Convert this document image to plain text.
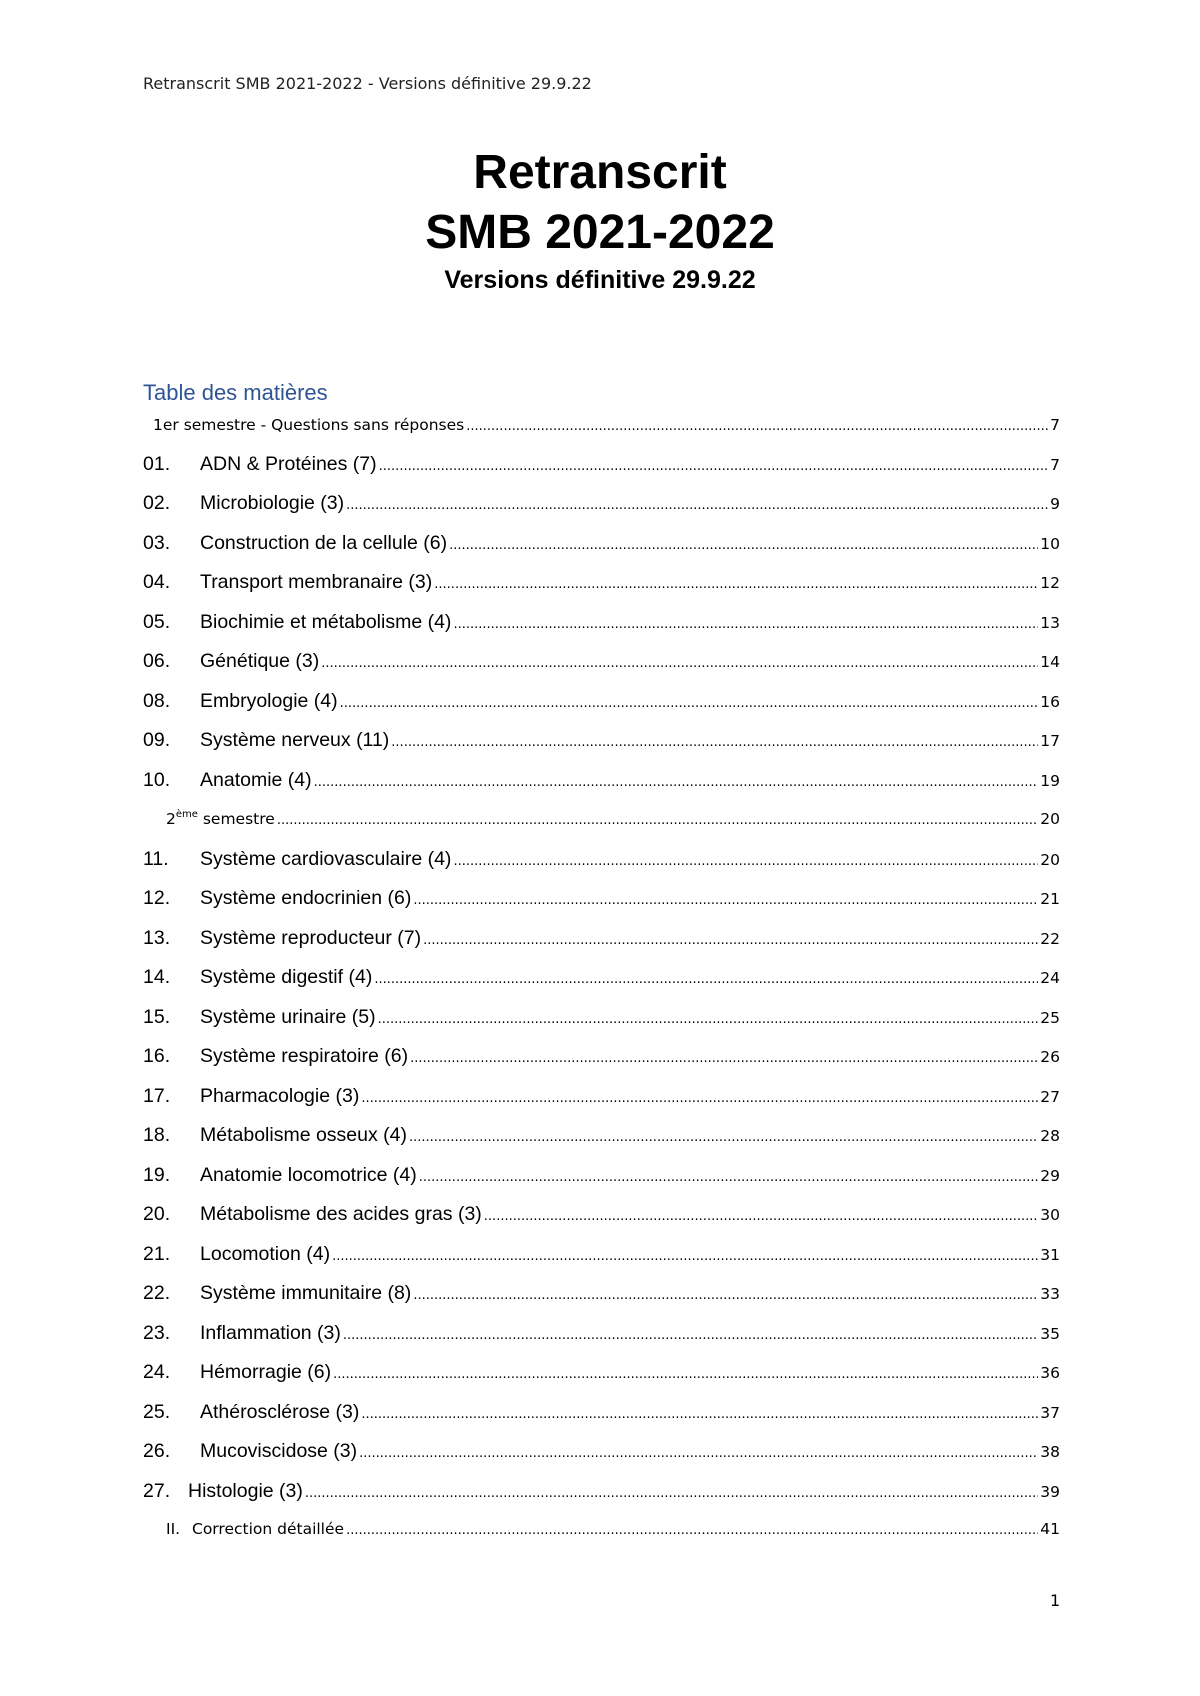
Retranscrit SMB 2021-2022 - Versions définitive 29.9.22
Retranscrit
SMB 2021-2022
Versions définitive 29.9.22
Table des matières
1er semestre - Questions sans réponses .....	7
01.	ADN & Protéines (7) .....	7
02.	Microbiologie (3) .....	9
03.	Construction de la cellule (6) .....	10
04.	Transport membranaire (3) .....	12
05.	Biochimie et métabolisme (4) .....	13
06.	Génétique (3) .....	14
08.	Embryologie (4) .....	16
09.	Système nerveux (11) .....	17
10.	Anatomie (4) .....	19
2ème semestre .....	20
11.	Système cardiovasculaire (4) .....	20
12.	Système endocrinien (6) .....	21
13.	Système reproducteur (7) .....	22
14.	Système digestif (4) .....	24
15.	Système urinaire (5) .....	25
16.	Système respiratoire (6) .....	26
17.	Pharmacologie (3) .....	27
18.	Métabolisme osseux (4) .....	28
19.	Anatomie locomotrice (4) .....	29
20.	Métabolisme des acides gras (3) .....	30
21.	Locomotion (4) .....	31
22.	Système immunitaire (8) .....	33
23.	Inflammation (3) .....	35
24.	Hémorragie (6) .....	36
25.	Athérosclérose (3) .....	37
26.	Mucoviscidose (3) .....	38
27. Histologie (3) .....	39
II. Correction détaillée .....	41
1
